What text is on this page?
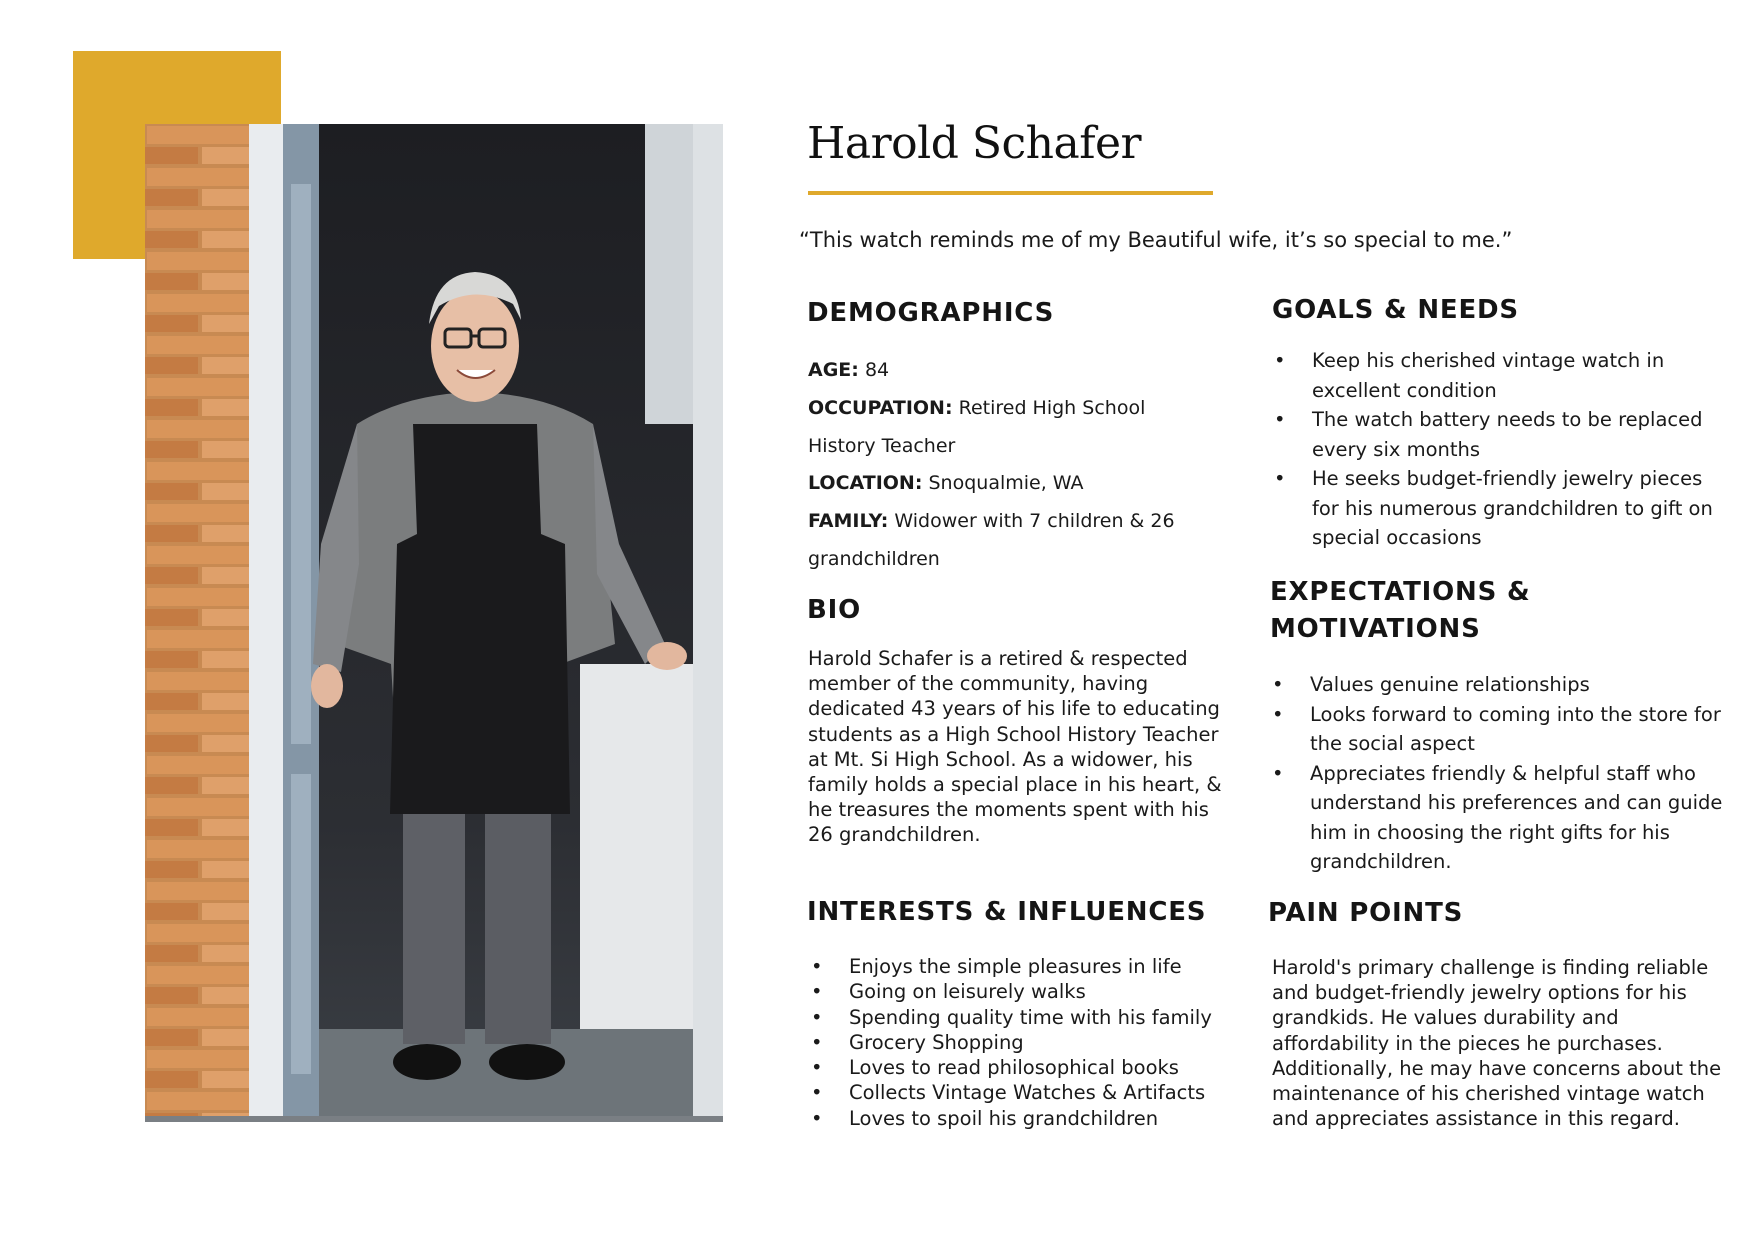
Harold Schafer
“This watch reminds me of my Beautiful wife, it’s so special to me.”
DEMOGRAPHICS
AGE: 84
OCCUPATION: Retired High School
History Teacher
LOCATION: Snoqualmie, WA
FAMILY: Widower with 7 children & 26
grandchildren
BIO

Harold Schafer is a retired & respected member of the community, having dedicated 43 years of his life to educating students as a High School History Teacher at Mt. Si High School. As a widower, his family holds a special place in his heart, & he treasures the moments spent with his 26 grandchildren.

INTERESTS & INFLUENCES
• Enjoys the simple pleasures in life
• Going on leisurely walks
• Spending quality time with his family
• Grocery Shopping
• Loves to read philosophical books
• Collects Vintage Watches & Artifacts
• Loves to spoil his grandchildren
GOALS & NEEDS
• Keep his cherished vintage watch in excellent condition
• The watch battery needs to be replaced every six months
• He seeks budget-friendly jewelry pieces for his numerous grandchildren to gift on special occasions
EXPECTATIONS &
MOTIVATIONS
• Values genuine relationships
• Looks forward to coming into the store for the social aspect
• Appreciates friendly & helpful staff who understand his preferences and can guide him in choosing the right gifts for his grandchildren.
PAIN POINTS

Harold's primary challenge is finding reliable and budget-friendly jewelry options for his grandkids. He values durability and affordability in the pieces he purchases. Additionally, he may have concerns about the maintenance of his cherished vintage watch and appreciates assistance in this regard.
